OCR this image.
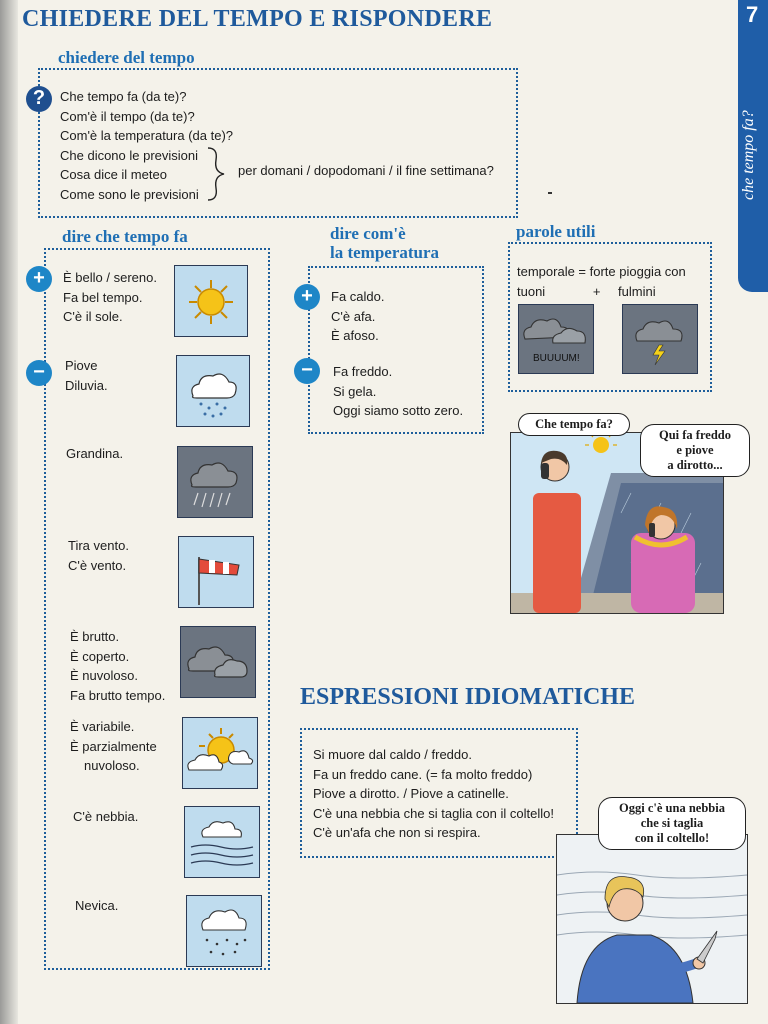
CHIEDERE DEL TEMPO E RISPONDERE	7
che tempo fa?
chiedere del tempo
?	Che tempo fa (da te)?
Com'è il tempo (da te)?
Com'è la temperatura (da te)?
Che dicono le previsioni
Cosa dice il meteo
Come sono le previsioni
per domani / dopodomani / il fine settimana?
dire che tempo fa
+
−
È bello / sereno.
Fa bel tempo.
C'è il sole.
Piove
Diluvia.
Grandina.
Tira vento.
C'è vento.
È brutto.
È coperto.
È nuvoloso.
Fa brutto tempo.
È variabile.
È parzialmente
nuvoloso.
C'è nebbia.
Nevica.
dire com'è
la temperatura
+
−
Fa caldo.
C'è afa.
È afoso.
Fa freddo.
Si gela.
Oggi siamo sotto zero.
parole utili
temporale = forte pioggia con
tuoni	+ fulmini
BUUUUM!
Che tempo fa?
Qui fa freddo
e piove
a dirotto...
ESPRESSIONI IDIOMATICHE
Si muore dal caldo / freddo.
Fa un freddo cane. (= fa molto freddo)
Piove a dirotto. / Piove a catinelle.
C'è una nebbia che si taglia con il coltello!
C'è un'afa che non si respira.
Oggi c'è una nebbia
che si taglia
con il coltello!
